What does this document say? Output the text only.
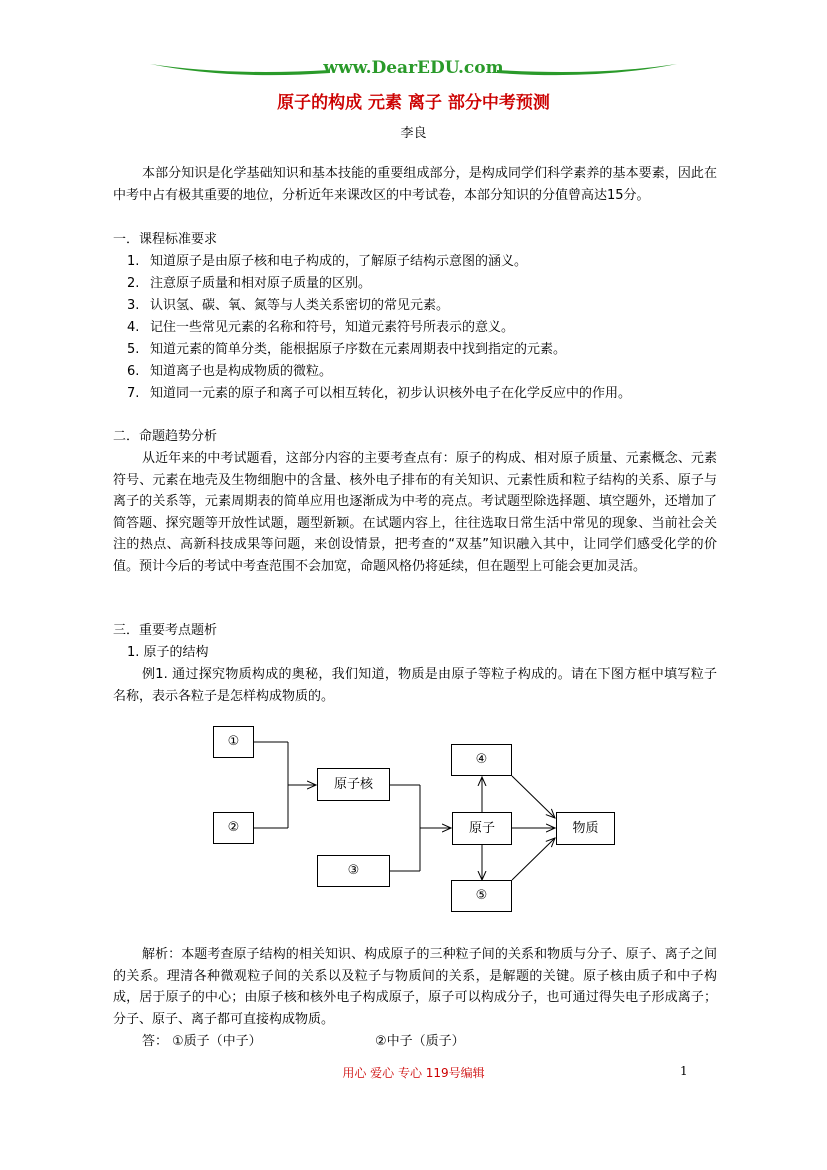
www.DearEDU.com
原子的构成 元素 离子 部分中考预测
李良
本部分知识是化学基础知识和基本技能的重要组成部分，是构成同学们科学素养的基本要素，因此在中考中占有极其重要的地位，分析近年来课改区的中考试卷，本部分知识的分值曾高达15分。
一．课程标准要求
1. 知道原子是由原子核和电子构成的，了解原子结构示意图的涵义。
2. 注意原子质量和相对原子质量的区别。
3. 认识氢、碳、氧、氮等与人类关系密切的常见元素。
4. 记住一些常见元素的名称和符号，知道元素符号所表示的意义。
5. 知道元素的简单分类，能根据原子序数在元素周期表中找到指定的元素。
6. 知道离子也是构成物质的微粒。
7. 知道同一元素的原子和离子可以相互转化，初步认识核外电子在化学反应中的作用。
二．命题趋势分析
从近年来的中考试题看，这部分内容的主要考查点有：原子的构成、相对原子质量、元素概念、元素符号、元素在地壳及生物细胞中的含量、核外电子排布的有关知识、元素性质和粒子结构的关系、原子与离子的关系等，元素周期表的简单应用也逐渐成为中考的亮点。考试题型除选择题、填空题外，还增加了简答题、探究题等开放性试题，题型新颖。在试题内容上，往往选取日常生活中常见的现象、当前社会关注的热点、高新科技成果等问题，来创设情景，把考查的“双基”知识融入其中，让同学们感受化学的价值。预计今后的考试中考查范围不会加宽，命题风格仍将延续，但在题型上可能会更加灵活。
三．重要考点题析
1. 原子的结构
例1. 通过探究物质构成的奥秘，我们知道，物质是由原子等粒子构成的。请在下图方框中填写粒子名称，表示各粒子是怎样构成物质的。
①
②
原子核
③
④
原子
⑤
物质
解析：本题考查原子结构的相关知识、构成原子的三种粒子间的关系和物质与分子、原子、离子之间的关系。理清各种微观粒子间的关系以及粒子与物质间的关系，是解题的关键。原子核由质子和中子构成，居于原子的中心；由原子核和核外电子构成原子，原子可以构成分子，也可通过得失电子形成离子；分子、原子、离子都可直接构成物质。
答： ①质子（中子）	②中子（质子）
用心 爱心 专心 119号编辑	1
